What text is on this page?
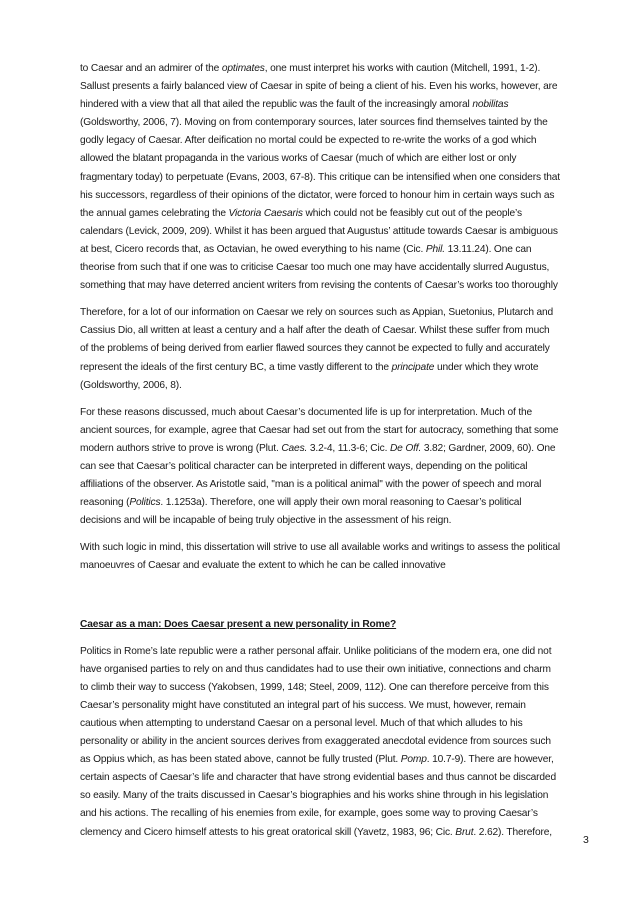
to Caesar and an admirer of the optimates, one must interpret his works with caution (Mitchell, 1991, 1-2). Sallust presents a fairly balanced view of Caesar in spite of being a client of his. Even his works, however, are hindered with a view that all that ailed the republic was the fault of the increasingly amoral nobilitas (Goldsworthy, 2006, 7). Moving on from contemporary sources, later sources find themselves tainted by the godly legacy of Caesar. After deification no mortal could be expected to re-write the works of a god which allowed the blatant propaganda in the various works of Caesar (much of which are either lost or only fragmentary today) to perpetuate (Evans, 2003, 67-8). This critique can be intensified when one considers that his successors, regardless of their opinions of the dictator, were forced to honour him in certain ways such as the annual games celebrating the Victoria Caesaris which could not be feasibly cut out of the people’s calendars (Levick, 2009, 209). Whilst it has been argued that Augustus’ attitude towards Caesar is ambiguous at best, Cicero records that, as Octavian, he owed everything to his name (Cic. Phil. 13.11.24). One can theorise from such that if one was to criticise Caesar too much one may have accidentally slurred Augustus, something that may have deterred ancient writers from revising the contents of Caesar’s works too thoroughly

Therefore, for a lot of our information on Caesar we rely on sources such as Appian, Suetonius, Plutarch and Cassius Dio, all written at least a century and a half after the death of Caesar. Whilst these suffer from much of the problems of being derived from earlier flawed sources they cannot be expected to fully and accurately represent the ideals of the first century BC, a time vastly different to the principate under which they wrote (Goldsworthy, 2006, 8).

For these reasons discussed, much about Caesar’s documented life is up for interpretation. Much of the ancient sources, for example, agree that Caesar had set out from the start for autocracy, something that some modern authors strive to prove is wrong (Plut. Caes. 3.2-4, 11.3-6; Cic. De Off. 3.82; Gardner, 2009, 60). One can see that Caesar’s political character can be interpreted in different ways, depending on the political affiliations of the observer. As Aristotle said, ''man is a political animal'' with the power of speech and moral reasoning (Politics. 1.1253a). Therefore, one will apply their own moral reasoning to Caesar’s political decisions and will be incapable of being truly objective in the assessment of his reign.

With such logic in mind, this dissertation will strive to use all available works and writings to assess the political manoeuvres of Caesar and evaluate the extent to which he can be called innovative

Caesar as a man: Does Caesar present a new personality in Rome?

Politics in Rome’s late republic were a rather personal affair. Unlike politicians of the modern era, one did not have organised parties to rely on and thus candidates had to use their own initiative, connections and charm to climb their way to success (Yakobsen, 1999, 148; Steel, 2009, 112). One can therefore perceive from this Caesar’s personality might have constituted an integral part of his success. We must, however, remain cautious when attempting to understand Caesar on a personal level. Much of that which alludes to his personality or ability in the ancient sources derives from exaggerated anecdotal evidence from sources such as Oppius which, as has been stated above, cannot be fully trusted (Plut. Pomp. 10.7-9). There are however, certain aspects of Caesar’s life and character that have strong evidential bases and thus cannot be discarded so easily. Many of the traits discussed in Caesar’s biographies and his works shine through in his legislation and his actions. The recalling of his enemies from exile, for example, goes some way to proving Caesar’s clemency and Cicero himself attests to his great oratorical skill (Yavetz, 1983, 96; Cic. Brut. 2.62). Therefore,

3
